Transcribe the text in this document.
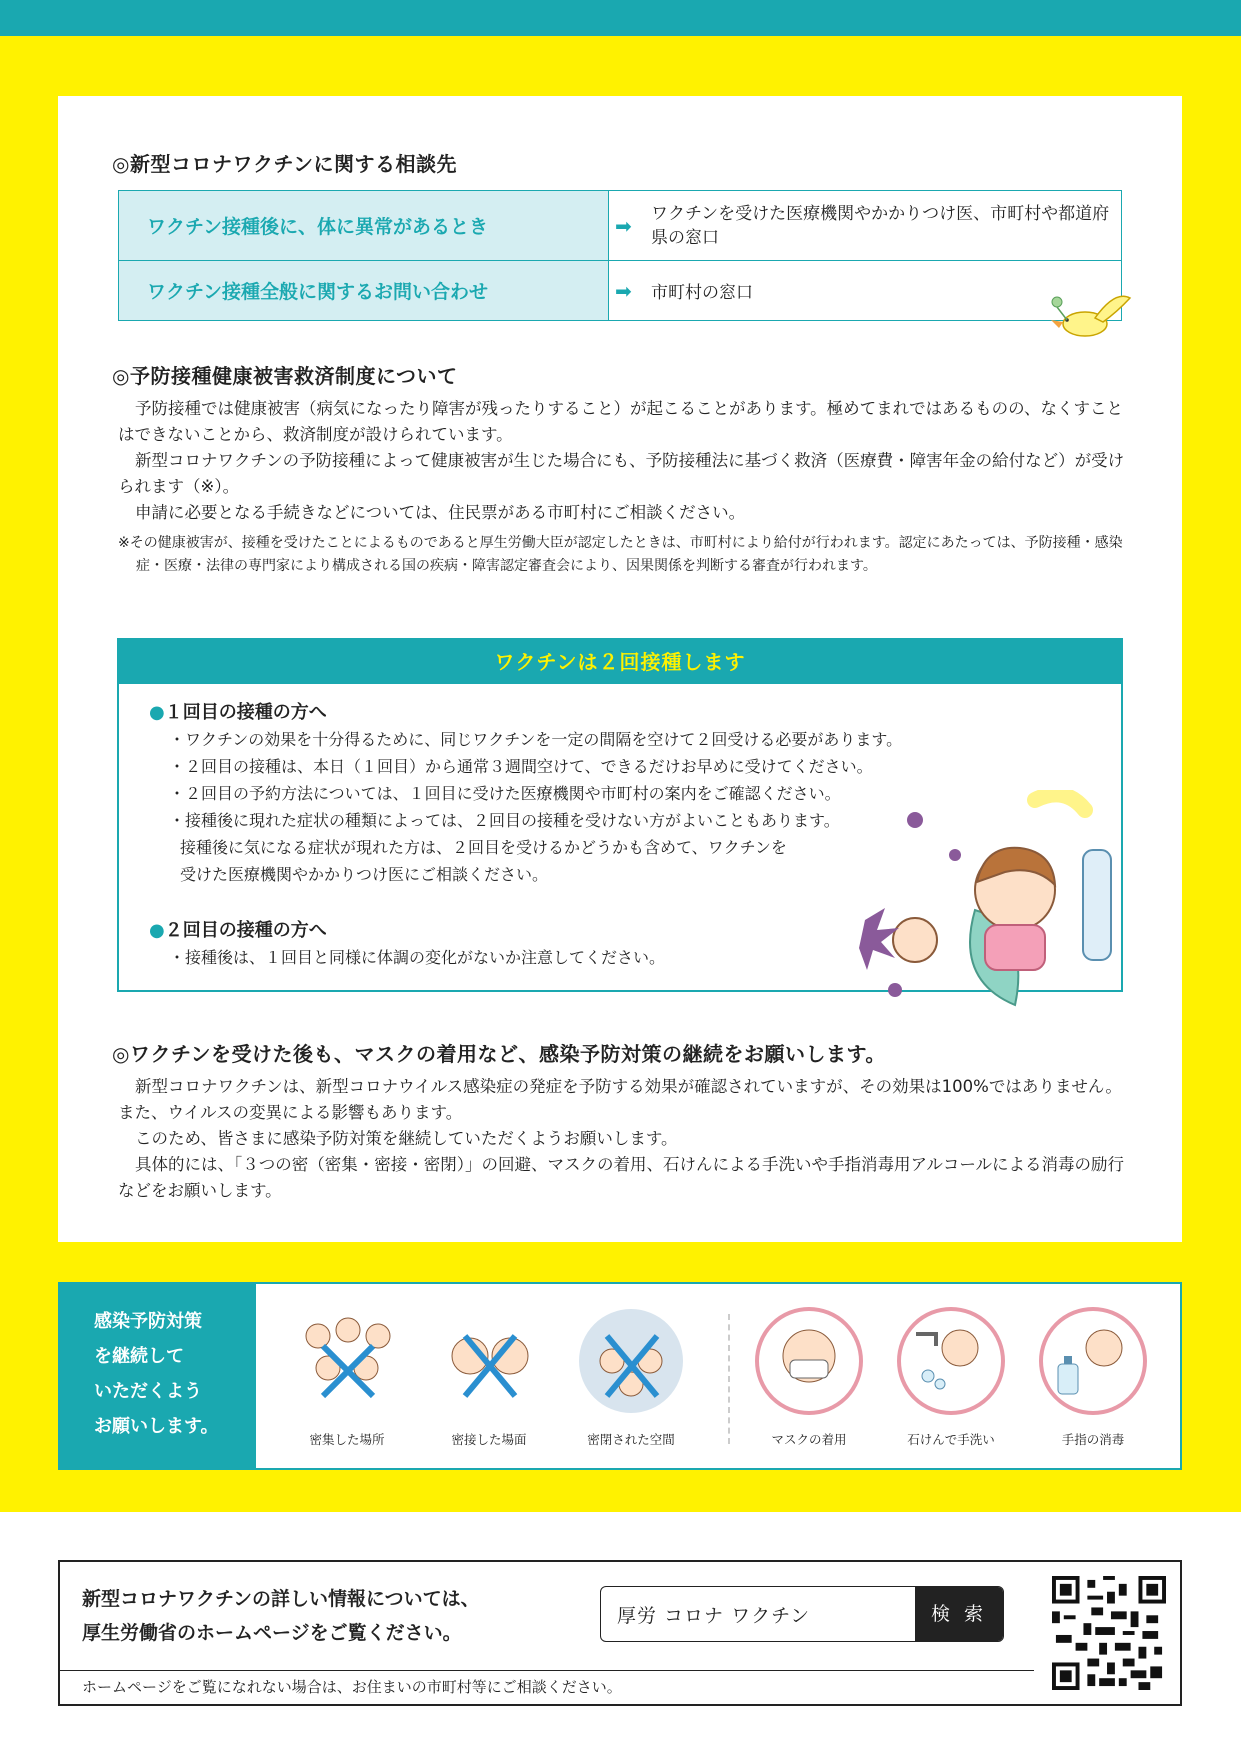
◎新型コロナワクチンに関する相談先
ワクチン接種後に、体に異常があるとき	➡ ワクチンを受けた医療機関やかかりつけ医、市町村や都道府県の窓口

ワクチン接種全般に関するお問い合わせ	➡ 市町村の窓口
◎予防接種健康被害救済制度について

予防接種では健康被害（病気になったり障害が残ったりすること）が起こることがあります。極めてまれではあるものの、なくすことはできないことから、救済制度が設けられています。

新型コロナワクチンの予防接種によって健康被害が生じた場合にも、予防接種法に基づく救済（医療費・障害年金の給付など）が受けられます（※）。

申請に必要となる手続きなどについては、住民票がある市町村にご相談ください。

※その健康被害が、接種を受けたことによるものであると厚生労働大臣が認定したときは、市町村により給付が行われます。認定にあたっては、予防接種・感染症・医療・法律の専門家により構成される国の疾病・障害認定審査会により、因果関係を判断する審査が行われます。
ワクチンは２回接種します
●１回目の接種の方へ
・ワクチンの効果を十分得るために、同じワクチンを一定の間隔を空けて２回受ける必要があります。
・２回目の接種は、本日（１回目）から通常３週間空けて、できるだけお早めに受けてください。
・２回目の予約方法については、１回目に受けた医療機関や市町村の案内をご確認ください。
・接種後に現れた症状の種類によっては、２回目の接種を受けない方がよいこともあります。
接種後に気になる症状が現れた方は、２回目を受けるかどうかも含めて、ワクチンを
受けた医療機関やかかりつけ医にご相談ください。
●２回目の接種の方へ
・接種後は、１回目と同様に体調の変化がないか注意してください。
◎ワクチンを受けた後も、マスクの着用など、感染予防対策の継続をお願いします。

新型コロナワクチンは、新型コロナウイルス感染症の発症を予防する効果が確認されていますが、その効果は100%ではありません。また、ウイルスの変異による影響もあります。

このため、皆さまに感染予防対策を継続していただくようお願いします。

具体的には、「３つの密（密集・密接・密閉）」の回避、マスクの着用、石けんによる手洗いや手指消毒用アルコールによる消毒の励行などをお願いします。

感染予防対策
を継続して
いただくよう
お願いします。
密集した場所	密接した場面	密閉された空間	マスクの着用	石けんで手洗い	手指の消毒
新型コロナワクチンの詳しい情報については、
厚生労働省のホームページをご覧ください。
厚労 コロナ ワクチン	検 索
ホームページをご覧になれない場合は、お住まいの市町村等にご相談ください。
